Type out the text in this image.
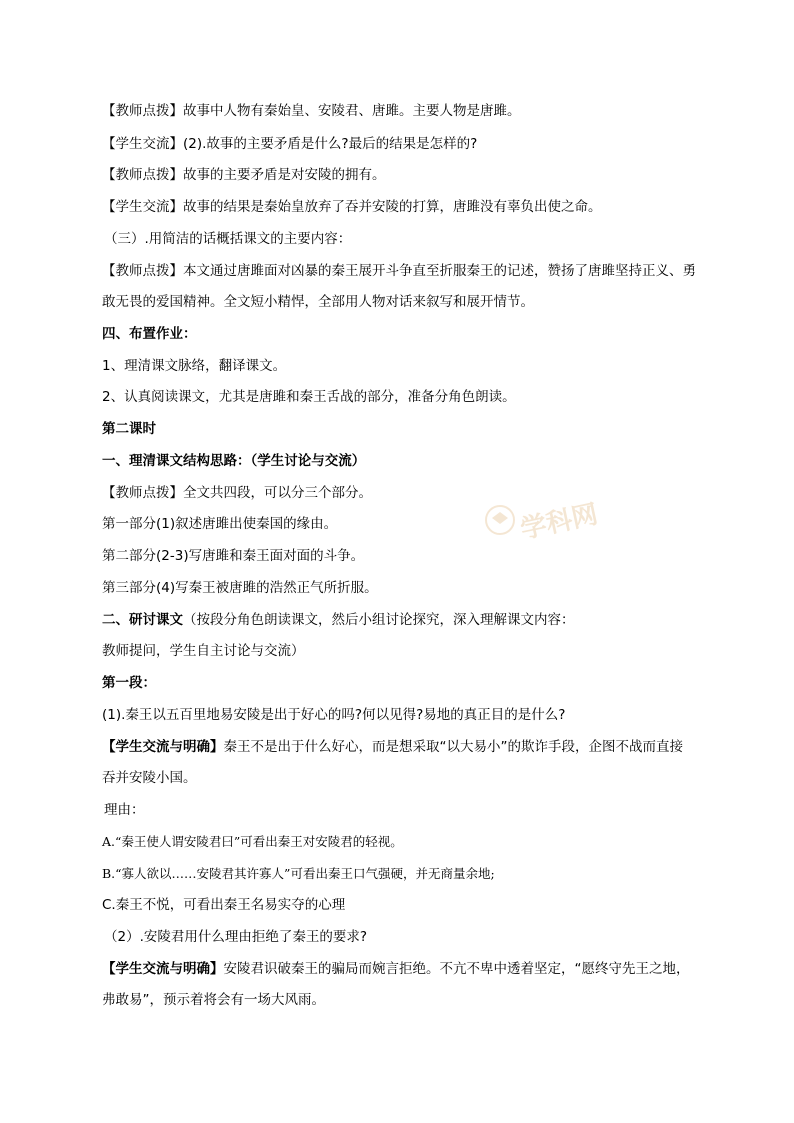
【教师点拨】故事中人物有秦始皇、安陵君、唐雎。主要人物是唐雎。
【学生交流】(2).故事的主要矛盾是什么?最后的结果是怎样的?
【教师点拨】故事的主要矛盾是对安陵的拥有。
【学生交流】故事的结果是秦始皇放弃了吞并安陵的打算，唐雎没有辜负出使之命。
（三）.用简洁的话概括课文的主要内容：
【教师点拨】本文通过唐雎面对凶暴的秦王展开斗争直至折服秦王的记述，赞扬了唐雎坚持正义、勇
敢无畏的爱国精神。全文短小精悍，全部用人物对话来叙写和展开情节。
四、布置作业：
1、理清课文脉络，翻译课文。
2、认真阅读课文，尤其是唐雎和秦王舌战的部分，准备分角色朗读。
第二课时
一、理清课文结构思路：（学生讨论与交流）
【教师点拨】全文共四段，可以分三个部分。
第一部分(1)叙述唐雎出使秦国的缘由。
第二部分(2-3)写唐雎和秦王面对面的斗争。
第三部分(4)写秦王被唐雎的浩然正气所折服。
二、研讨课文（按段分角色朗读课文，然后小组讨论探究，深入理解课文内容：
教师提问，学生自主讨论与交流）
第一段：
(1).秦王以五百里地易安陵是出于好心的吗?何以见得?易地的真正目的是什么?
【学生交流与明确】秦王不是出于什么好心，而是想采取“以大易小”的欺诈手段，企图不战而直接
吞并安陵小国。
理由：
A.“秦王使人谓安陵君曰”可看出秦王对安陵君的轻视。
B.“寡人欲以……安陵君其许寡人”可看出秦王口气强硬，并无商量余地;
C.秦王不悦，可看出秦王名易实夺的心理
（2）.安陵君用什么理由拒绝了秦王的要求?
【学生交流与明确】安陵君识破秦王的骗局而婉言拒绝。不亢不卑中透着坚定，“愿终守先王之地，
弗敢易”，预示着将会有一场大风雨。
学科网
